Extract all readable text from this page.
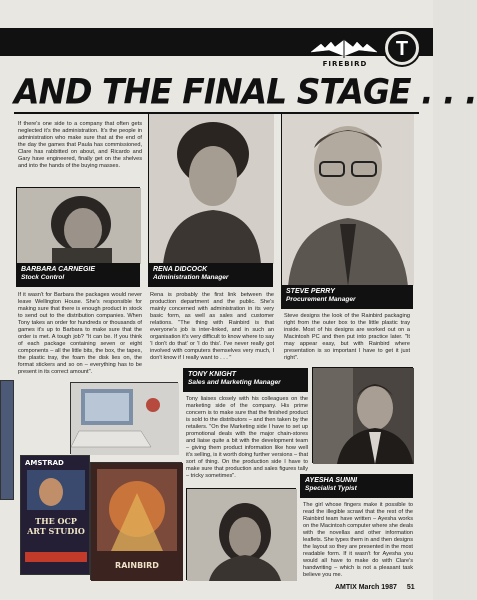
FIREBIRD
T
AND THE FINAL STAGE . . .
If there's one side to a company that often gets neglected it's the administration. It's the people in administration who make sure that at the end of the day the games that Paula has commissioned, Clare has rabbitted on about, and Ricardo and Gary have engineered, finally get on the shelves and into the hands of the buying masses.
BARBARA CARNEGIE
Stock Control
RENA DIDCOCK
Administration Manager
STEVE PERRY
Procurement Manager
If it wasn't for Barbara the packages would never leave Wellington House. She's responsible for making sure that there is enough product in stock to send out to the distribution companies. When Tony takes an order for hundreds or thousands of games it's up to Barbara to make sure that the order is met. A tough job? "It can be. If you think of each package containing seven or eight components – all the little bits, the box, the tapes, the plastic tray, the foam the disk lies on, the format stickers and so on – everything has to be present in its correct amount".
Rena is probably the first link between the production department and the public. She's mainly concerned with administration in its very basic form, as well as sales and customer relations. "The thing with Rainbird is that everyone's job is inter-linked, and in such an organisation it's very difficult to know where to say 'I don't do that' or 'I do this'. I've never really got involved with computers themselves very much, I don't know if I really want to . . . "
Steve designs the look of the Rainbird packaging right from the outer box to the little plastic tray inside. Most of his designs are worked out on a Macintosh PC and then put into practice later. "It may appear easy, but with Rainbird where presentation is so important I have to get it just right".
TONY KNIGHT
Sales and Marketing Manager
Tony liaises closely with his colleagues on the marketing side of the company. His prime concern is to make sure that the finished product is sold to the distributors – and then taken by the retailers. "On the Marketing side I have to set up promotional deals with the major chain-stores and liaise quite a bit with the development team – giving them product information like how well it's selling, is it worth doing further versions – that sort of thing. On the production side I have to make sure that production and sales figures tally – tricky sometimes".
AYESHA SUNNI
Specialist Typist
The girl whose fingers make it possible to read the illegible scrawl that the rest of the Rainbird team have written – Ayesha works on the Macintosh computer where she deals with the novellas and other information leaflets. She types them in and then designs the layout so they are presented in the most readable form. If it wasn't for Ayesha you would all have to make do with Clare's handwriting – which is not a pleasant task believe you me.
AMSTRAD
THE OCP ART STUDIO
RAINBIRD
AMTIX March 1987 51
